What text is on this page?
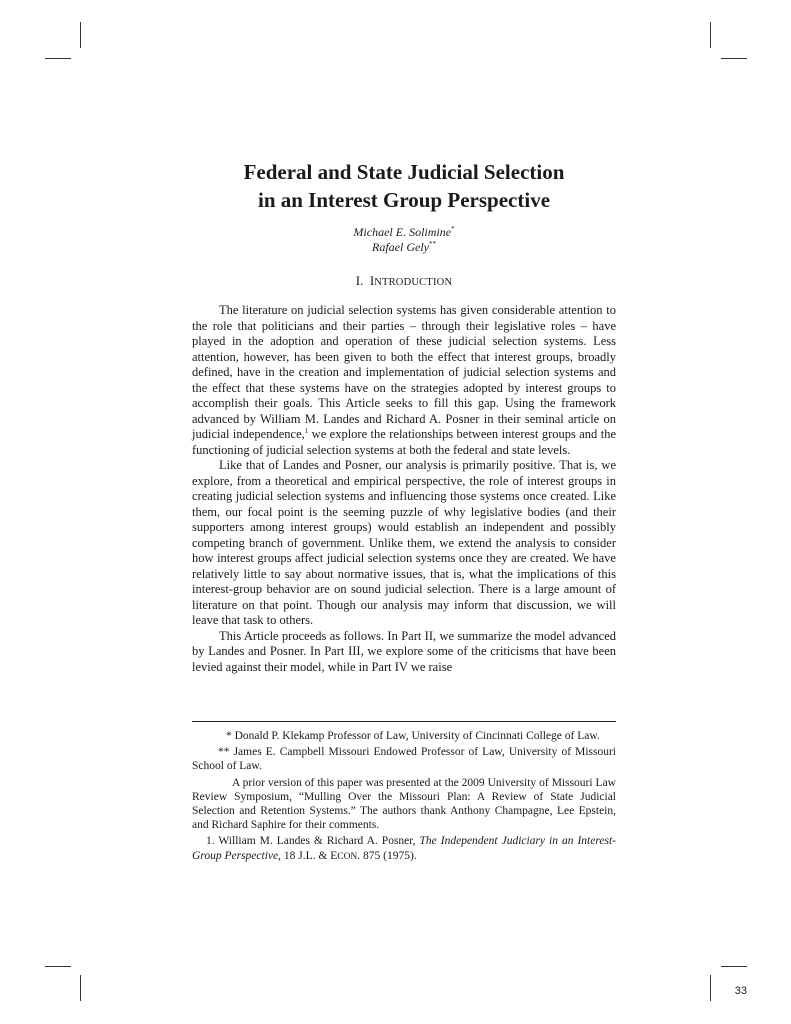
Federal and State Judicial Selection
in an Interest Group Perspective
Michael E. Solimine*
Rafael Gely**
I. INTRODUCTION

The literature on judicial selection systems has given considerable attention to the role that politicians and their parties – through their legislative roles – have played in the adoption and operation of these judicial selection systems. Less attention, however, has been given to both the effect that interest groups, broadly defined, have in the creation and implementation of judicial selection systems and the effect that these systems have on the strategies adopted by interest groups to accomplish their goals. This Article seeks to fill this gap. Using the framework advanced by William M. Landes and Richard A. Posner in their seminal article on judicial independence,$^1$ we explore the relationships between interest groups and the functioning of judicial selection systems at both the federal and state levels.

Like that of Landes and Posner, our analysis is primarily positive. That is, we explore, from a theoretical and empirical perspective, the role of interest groups in creating judicial selection systems and influencing those systems once created. Like them, our focal point is the seeming puzzle of why legislative bodies (and their supporters among interest groups) would establish an independent and possibly competing branch of government. Unlike them, we extend the analysis to consider how interest groups affect judicial selection systems once they are created. We have relatively little to say about normative issues, that is, what the implications of this interest-group behavior are on sound judicial selection. There is a large amount of literature on that point. Though our analysis may inform that discussion, we will leave that task to others.

This Article proceeds as follows. In Part II, we summarize the model advanced by Landes and Posner. In Part III, we explore some of the criticisms that have been levied against their model, while in Part IV we raise

* Donald P. Klekamp Professor of Law, University of Cincinnati College of Law.

** James E. Campbell Missouri Endowed Professor of Law, University of Missouri School of Law.

A prior version of this paper was presented at the 2009 University of Missouri Law Review Symposium, “Mulling Over the Missouri Plan: A Review of State Judicial Selection and Retention Systems.” The authors thank Anthony Champagne, Lee Epstein, and Richard Saphire for their comments.

1. William M. Landes & Richard A. Posner, The Independent Judiciary in an Interest-Group Perspective, 18 J.L. & ECON. 875 (1975).

33
